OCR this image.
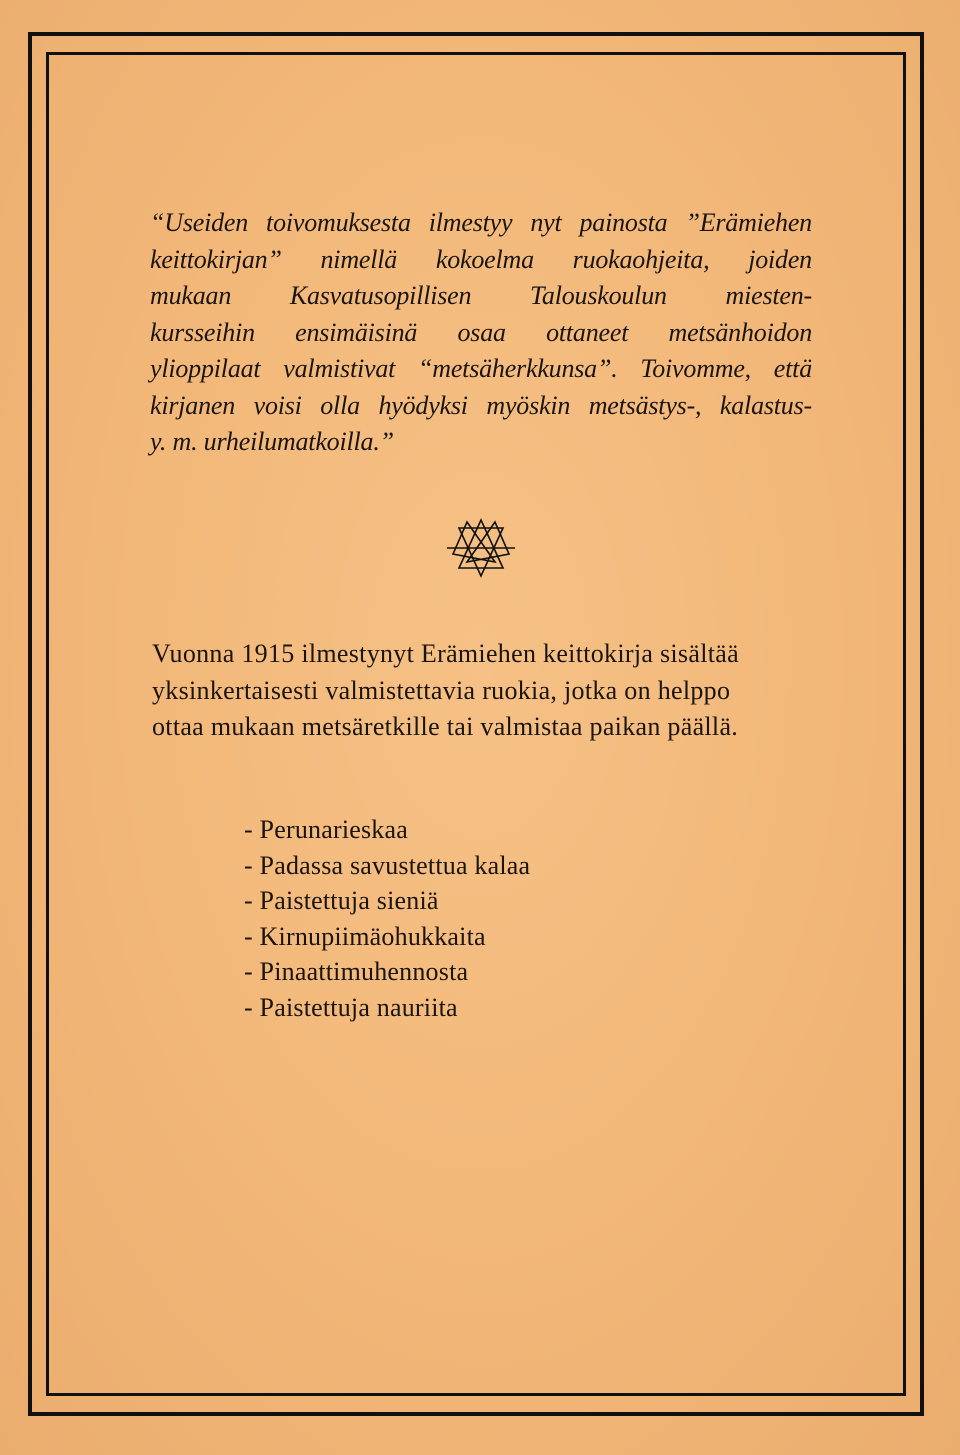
“Useiden toivomuksesta ilmestyy nyt painosta ”Erämiehen
keittokirjan” nimellä kokoelma ruokaohjeita, joiden
mukaan Kasvatusopillisen Talouskoulun miesten-
kursseihin ensimäisinä osaa ottaneet metsänhoidon
ylioppilaat valmistivat “metsäherkkunsa”. Toivomme, että
kirjanen voisi olla hyödyksi myöskin metsästys-, kalastus-
y. m. urheilumatkoilla.”

Vuonna 1915 ilmestynyt Erämiehen keittokirja sisältää
yksinkertaisesti valmistettavia ruokia, jotka on helppo
ottaa mukaan metsäretkille tai valmistaa paikan päällä.

- Perunarieskaa
- Padassa savustettua kalaa
- Paistettuja sieniä
- Kirnupiimäohukkaita
- Pinaattimuhennosta
- Paistettuja nauriita
